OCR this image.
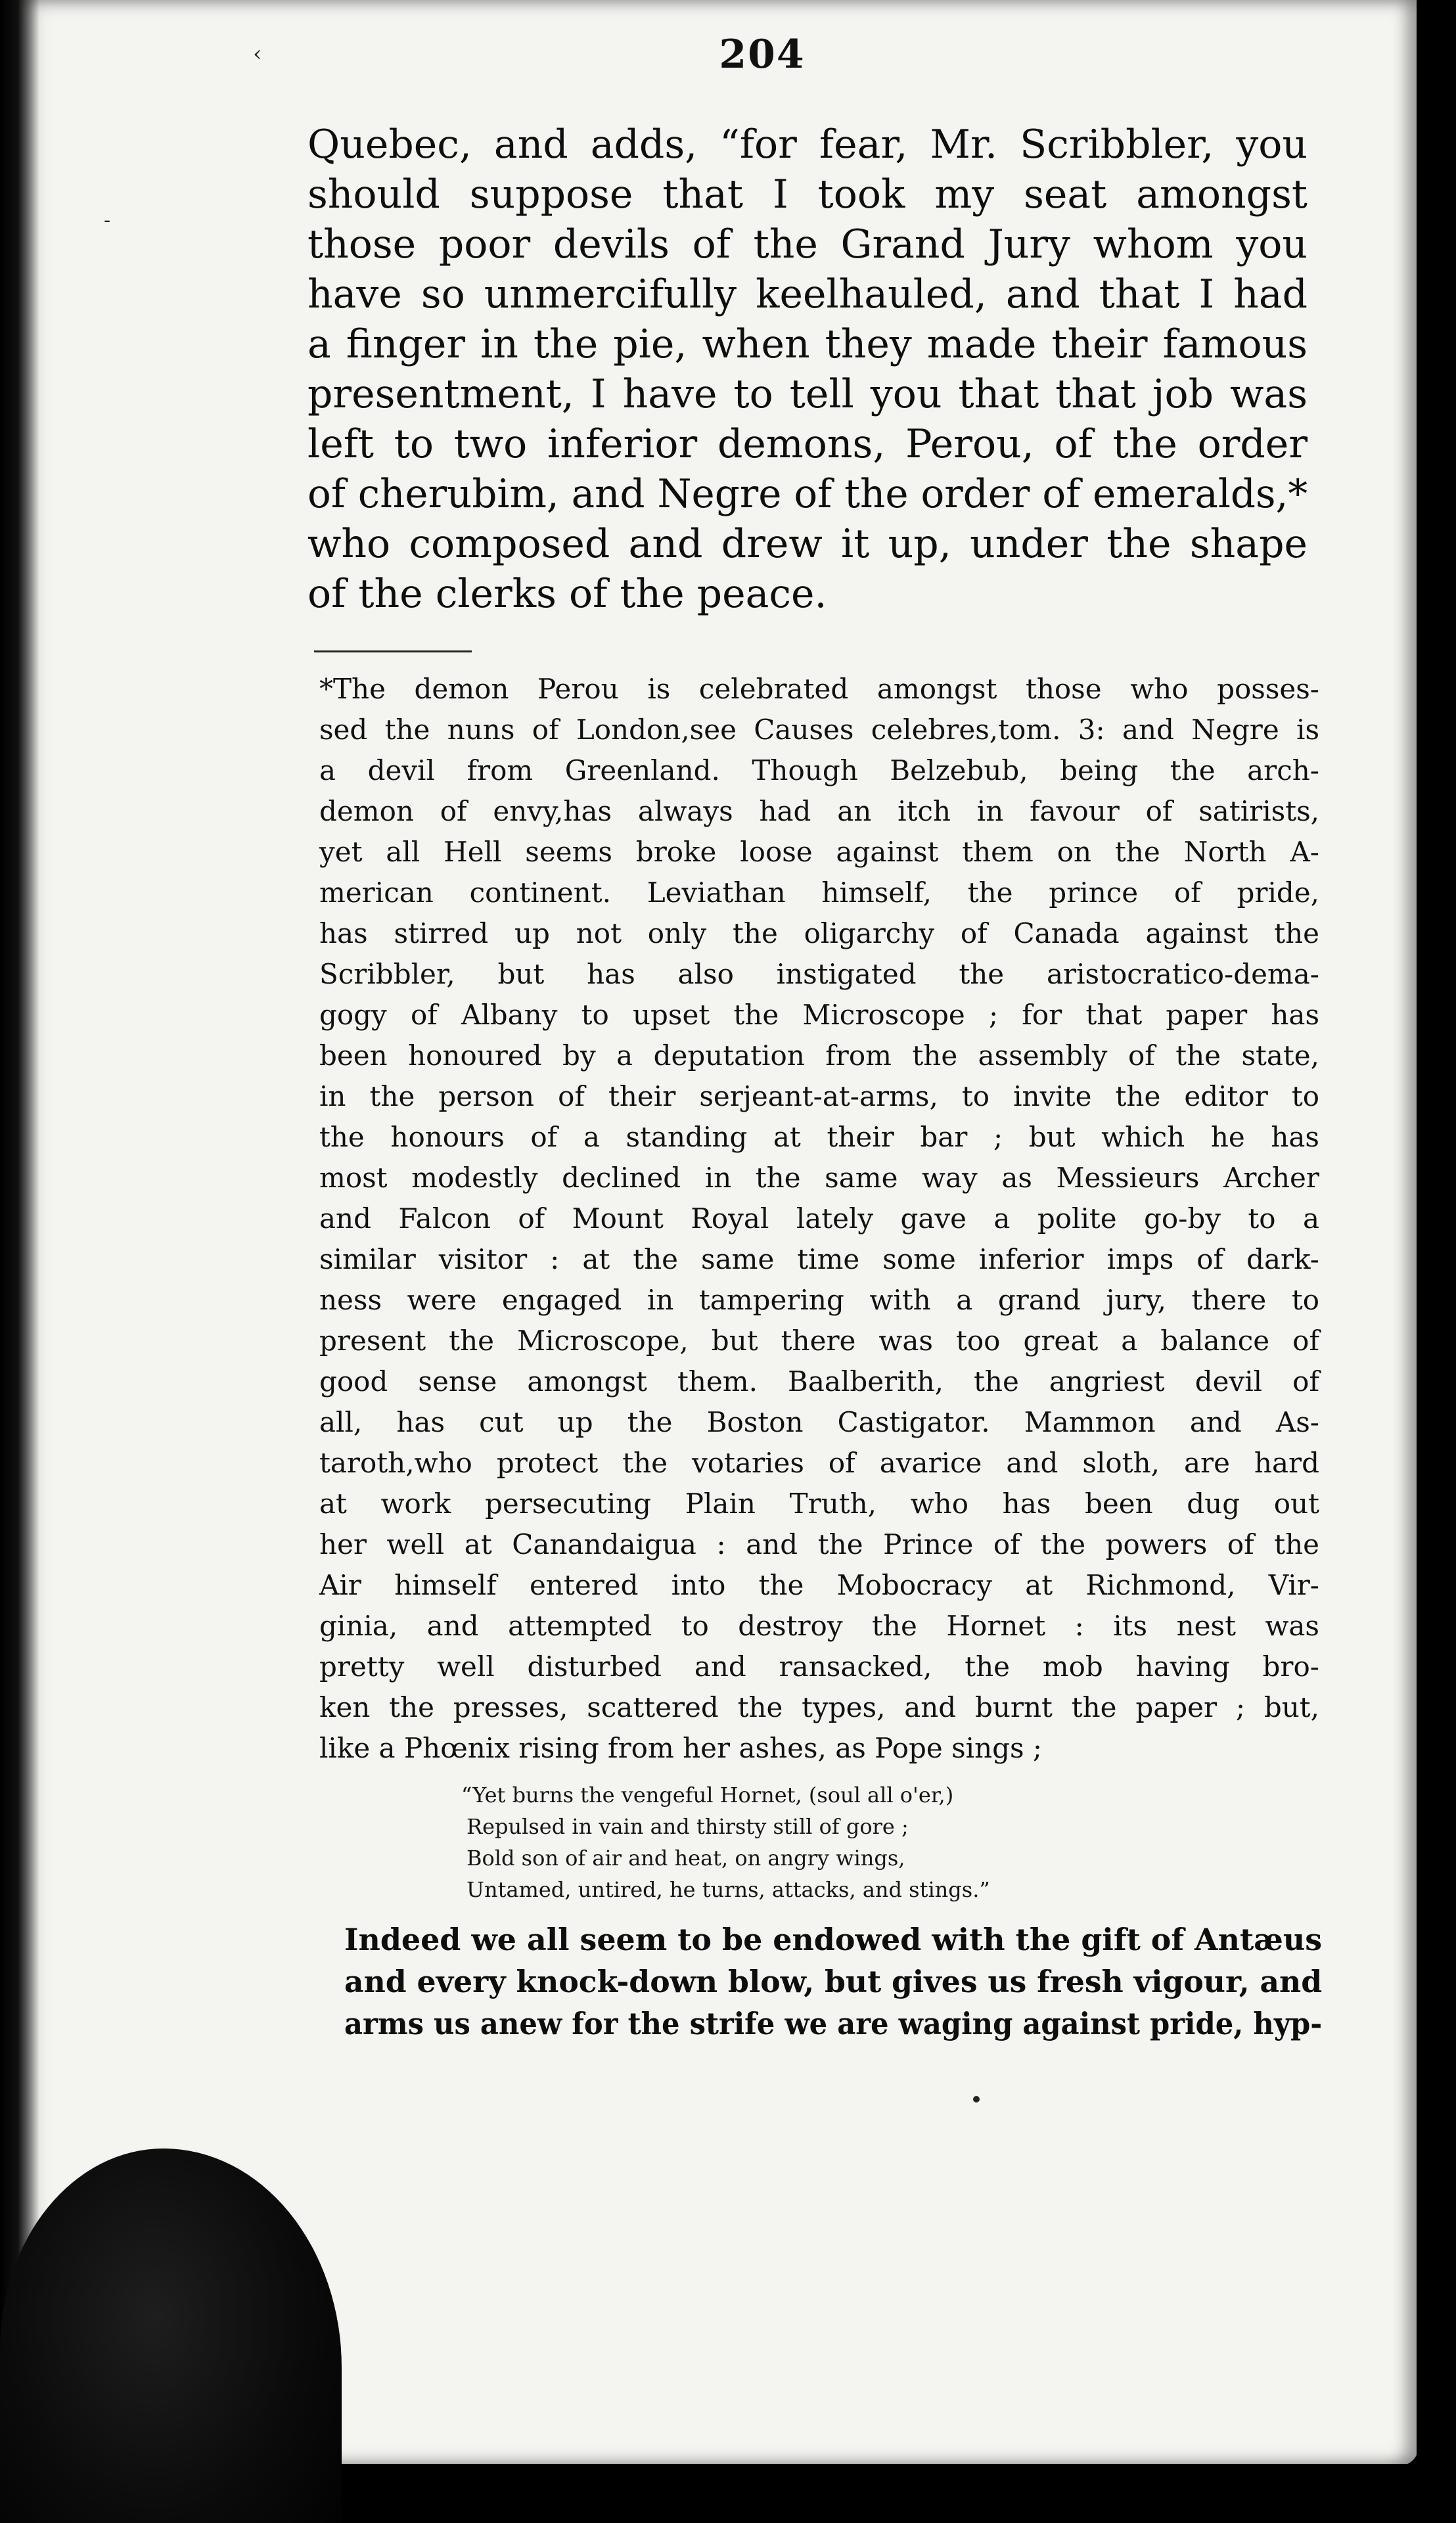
‹
-
204
Quebec, and adds, “for fear, Mr. Scribbler, you
should suppose that I took my seat amongst
those poor devils of the Grand Jury whom you
have so unmercifully keelhauled, and that I had
a finger in the pie, when they made their famous
presentment, I have to tell you that that job was
left to two inferior demons, Perou, of the order
of cherubim, and Negre of the order of emeralds,*
who composed and drew it up, under the shape
of the clerks of the peace.
*The demon Perou is celebrated amongst those who posses-
sed the nuns of London,see Causes celebres,tom. 3: and Negre is
a devil from Greenland. Though Belzebub, being the arch-
demon of envy,has always had an itch in favour of satirists,
yet all Hell seems broke loose against them on the North A-
merican continent. Leviathan himself, the prince of pride,
has stirred up not only the oligarchy of Canada against the
Scribbler, but has also instigated the aristocratico-dema-
gogy of Albany to upset the Microscope ; for that paper has
been honoured by a deputation from the assembly of the state,
in the person of their serjeant-at-arms, to invite the editor to
the honours of a standing at their bar ; but which he has
most modestly declined in the same way as Messieurs Archer
and Falcon of Mount Royal lately gave a polite go-by to a
similar visitor : at the same time some inferior imps of dark-
ness were engaged in tampering with a grand jury, there to
present the Microscope, but there was too great a balance of
good sense amongst them. Baalberith, the angriest devil of
all, has cut up the Boston Castigator. Mammon and As-
taroth,who protect the votaries of avarice and sloth, are hard
at work persecuting Plain Truth, who has been dug out
her well at Canandaigua : and the Prince of the powers of the
Air himself entered into the Mobocracy at Richmond, Vir-
ginia, and attempted to destroy the Hornet : its nest was
pretty well disturbed and ransacked, the mob having bro-
ken the presses, scattered the types, and burnt the paper ; but,
like a Phœnix rising from her ashes, as Pope sings ;
“Yet burns the vengeful Hornet, (soul all o'er,)
Repulsed in vain and thirsty still of gore ;
Bold son of air and heat, on angry wings,
Untamed, untired, he turns, attacks, and stings.”
Indeed we all seem to be endowed with the gift of Antæus
and every knock-down blow, but gives us fresh vigour, and
arms us anew for the strife we are waging against pride, hyp-
